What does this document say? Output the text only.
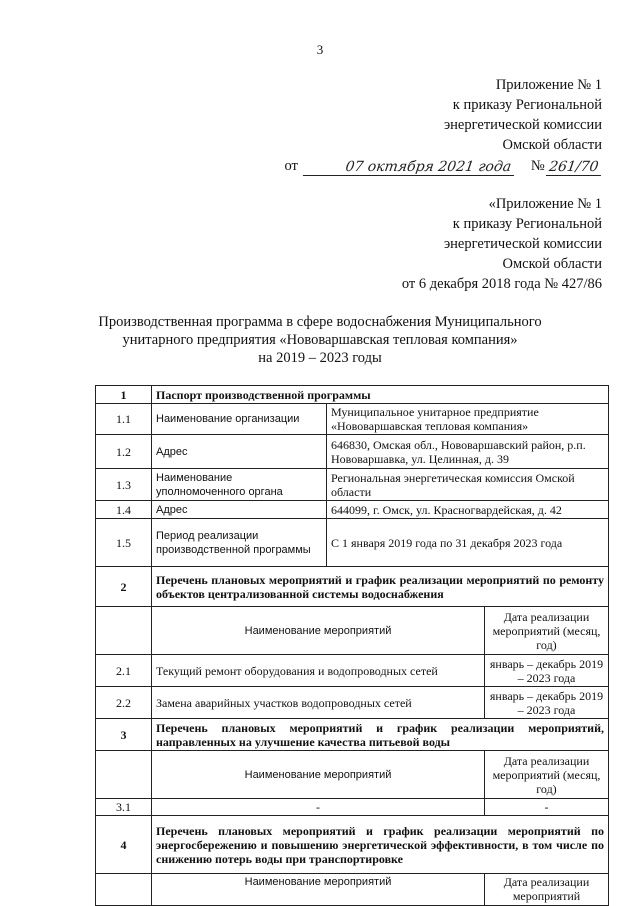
3
Приложение № 1
к приказу Региональной
энергетической комиссии
Омской области
от	07 октября 2021 года № 261/70
«Приложение № 1
к приказу Региональной
энергетической комиссии
Омской области
от 6 декабря 2018 года № 427/86
Производственная программа в сфере водоснабжения Муниципального
унитарного предприятия «Нововаршавская тепловая компания»
на 2019 – 2023 годы
1	Паспорт производственной программы		
1.1	Наименование организации	Муниципальное унитарное предприятие «Нововаршавская тепловая компания»	
1.2	Адрес	646830, Омская обл., Нововаршавский район, р.п. Нововаршавка, ул. Целинная, д. 39	
1.3	Наименование уполномоченного органа	Региональная энергетическая комиссия Омской области	
1.4	Адрес	644099, г. Омск, ул. Красногвардейская, д. 42	
1.5	Период реализации производственной программы	С 1 января 2019 года по 31 декабря 2023 года	
2	Перечень плановых мероприятий и график реализации мероприятий по ремонту объектов централизованной системы водоснабжения		
	Наименование мероприятий		Дата реализации мероприятий (месяц, год)
2.1	Текущий ремонт оборудования и водопроводных сетей		январь – декабрь 2019 – 2023 года
2.2	Замена аварийных участков водопроводных сетей		январь – декабрь 2019 – 2023 года
3	Перечень плановых мероприятий и график реализации мероприятий, направленных на улучшение качества питьевой воды		
	Наименование мероприятий		Дата реализации мероприятий (месяц, год)
3.1	-		-
4	Перечень плановых мероприятий и график реализации мероприятий по энергосбережению и повышению энергетической эффективности, в том числе по снижению потерь воды при транспортировке		
	Наименование мероприятий		Дата реализации мероприятий
